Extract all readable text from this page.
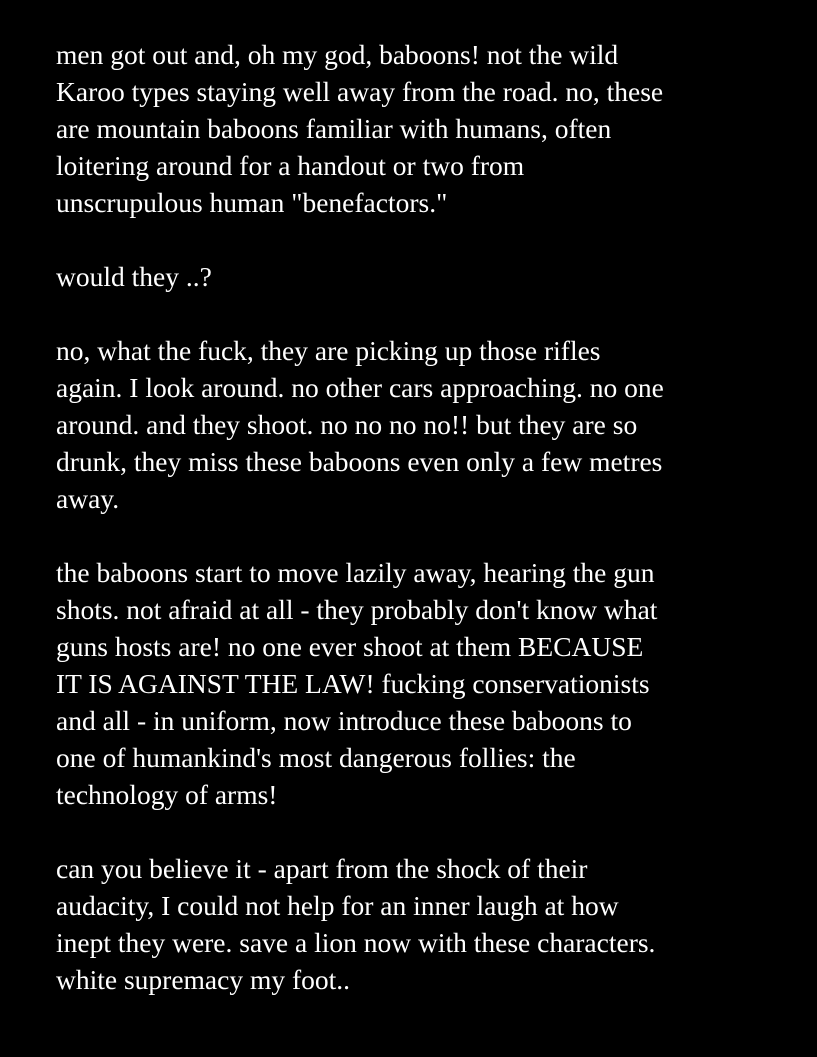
men got out and, oh my god, baboons! not the wild
Karoo types staying well away from the road. no, these
are mountain baboons familiar with humans, often
loitering around for a handout or two from
unscrupulous human "benefactors."

would they ..?

no, what the fuck, they are picking up those rifles
again. I look around. no other cars approaching. no one
around. and they shoot. no no no no!! but they are so
drunk, they miss these baboons even only a few metres
away.

the baboons start to move lazily away, hearing the gun
shots. not afraid at all - they probably don't know what
guns hosts are! no one ever shoot at them BECAUSE
IT IS AGAINST THE LAW! fucking conservationists
and all - in uniform, now introduce these baboons to
one of humankind's most dangerous follies: the
technology of arms!

can you believe it - apart from the shock of their
audacity, I could not help for an inner laugh at how
inept they were. save a lion now with these characters.
white supremacy my foot..
